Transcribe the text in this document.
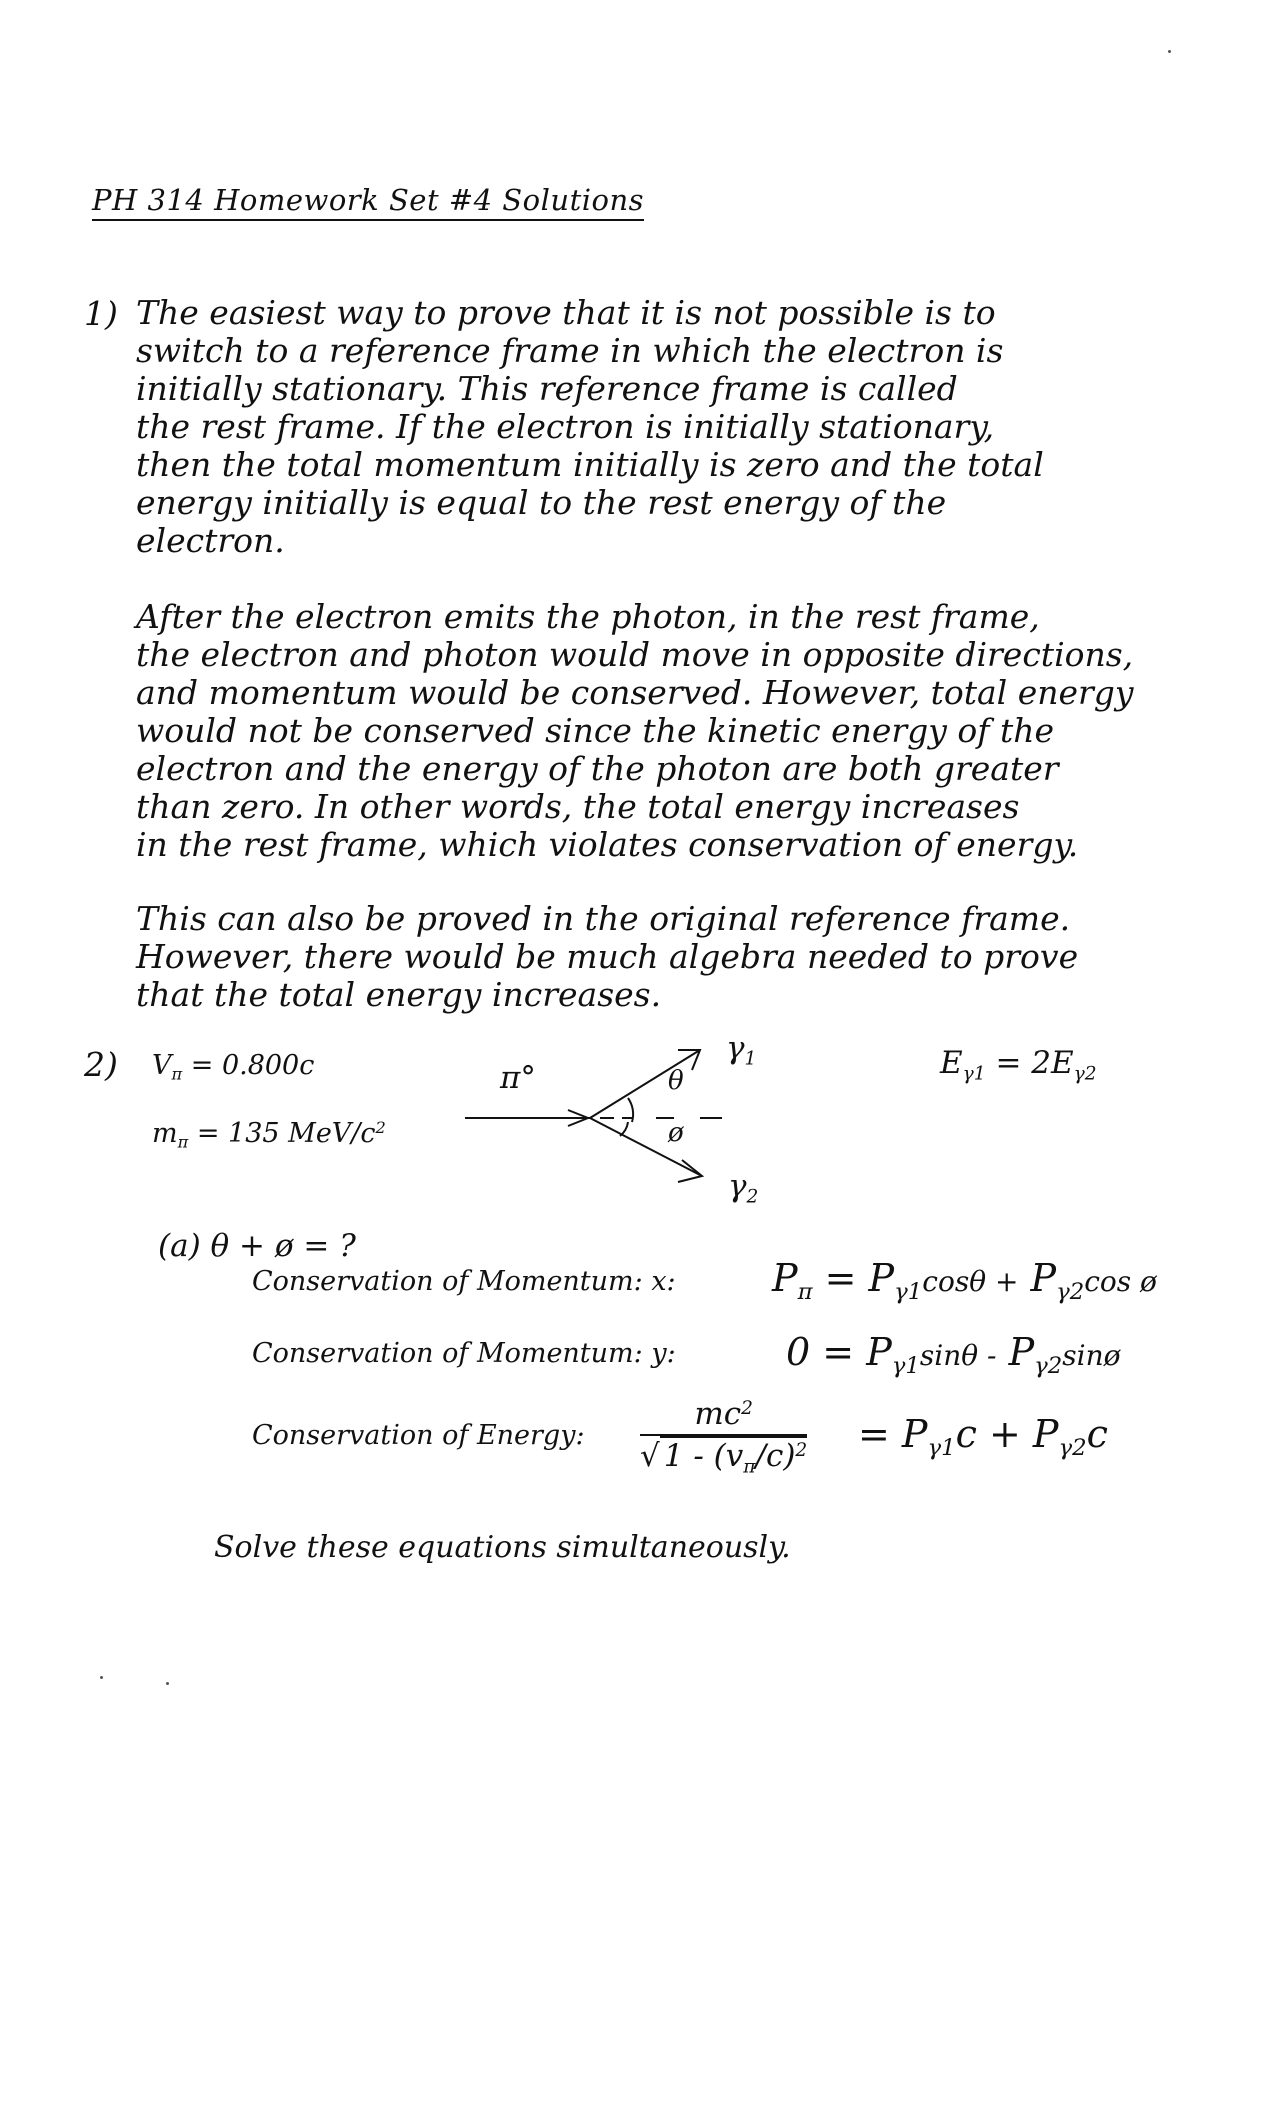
PH 314 Homework Set #4 Solutions
1) The easiest way to prove that it is not possible is to
switch to a reference frame in which the electron is
initially stationary. This reference frame is called
the rest frame. If the electron is initially stationary,
then the total momentum initially is zero and the total
energy initially is equal to the rest energy of the
electron.
After the electron emits the photon, in the rest frame,
the electron and photon would move in opposite directions,
and momentum would be conserved. However, total energy
would not be conserved since the kinetic energy of the
electron and the energy of the photon are both greater
than zero. In other words, the total energy increases
in the rest frame, which violates conservation of energy.
This can also be proved in the original reference frame.
However, there would be much algebra needed to prove
that the total energy increases.
2) $V_\pi = 0.800c$
$m_\pi = 135$ MeV/$c^2$
π°
$\gamma_1$
$\gamma_2$
θ
ø
$E_{\gamma 1} = 2E_{\gamma 2}$
(a) θ + ø = ?
Conservation of Momentum: x:	$P_\pi = P_{\gamma 1}\cos\theta + P_{\gamma 2}\cos$ ø
Conservation of Momentum: y:	$0 = P_{\gamma 1}\sin\theta$ - $P_{\gamma 2}\sin ø$
Conservation of Energy: $\frac{mc^2}{√ 1 - (v_\pi/c)^2} = P_{\gamma 1}c + P_{\gamma 2}c$
Solve these equations simultaneously.
